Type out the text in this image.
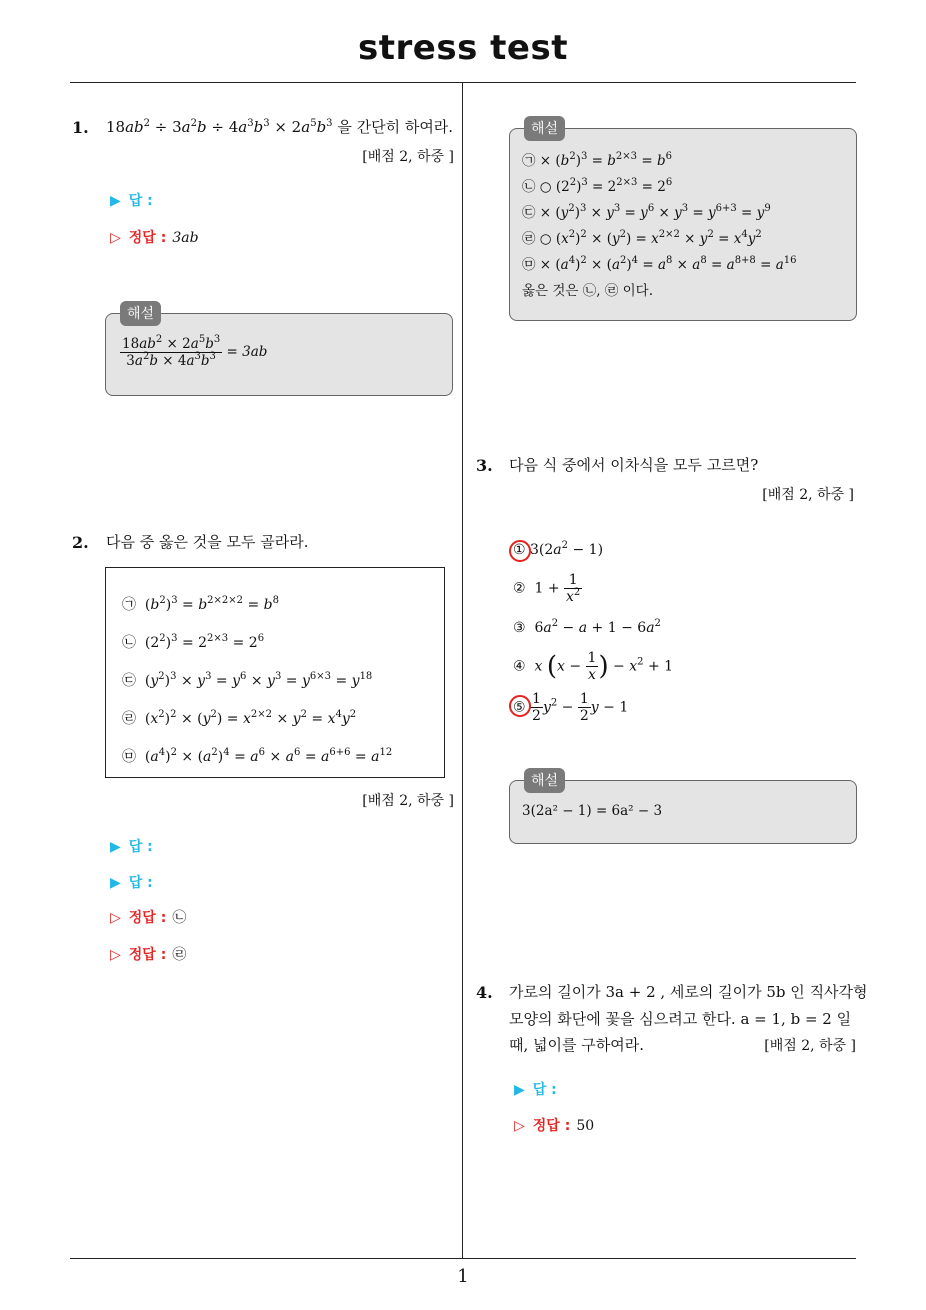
stress test
1
1. $18ab^2 \div 3a^2b \div 4a^3b^3 \times 2a^5b^3$ 을 간단히 하여라.
[배점 2, 하중 ]
▶ 답 :
▷ 정답 : 3ab
$\frac{18ab^2 \times 2a^5b^3}{3a^2b \times 4a^3b^3} = 3ab$
해설
2. 다음 중 옳은 것을 모두 골라라.
㉠  $(b^2)^3 = b^{2\times 2\times 2} = b^8$
㉡  $(2^2)^3 = 2^{2\times 3} = 2^6$
㉢  $(y^2)^3 \times y^3 = y^6 \times y^3 = y^{6\times 3} = y^{18}$
㉣  $(x^2)^2 \times (y^2) = x^{2\times 2} \times y^2 = x^4y^2$
㉤  $(a^4)^2 \times (a^2)^4 = a^6 \times a^6 = a^{6+6} = a^{12}$
[배점 2, 하중 ]
▶ 답 :
▶ 답 :
▷ 정답 : ㉡
▷ 정답 : ㉣
㉠ × $(b^2)^3 = b^{2\times 3} = b^6$
㉡ ○ $(2^2)^3 = 2^{2\times 3} = 2^6$
㉢ × $(y^2)^3 \times y^3 = y^6 \times y^3 = y^{6+3} = y^9$
㉣ ○ $(x^2)^2 \times (y^2) = x^{2\times 2} \times y^2 = x^4y^2$
㉤ × $(a^4)^2 \times (a^2)^4 = a^8 \times a^8 = a^{8+8} = a^{16}$
옳은 것은 ㉡, ㉣ 이다.
해설
3. 다음 식 중에서 이차식을 모두 고르면?
[배점 2, 하중 ]
① $3(2a^2 - 1)$
②  $1 + \frac{1}{x^2}$
③  $6a^2 - a + 1 - 6a^2$
④ x ($x - \frac{1}{x}$ ) − $x^2 + 1$
⑤ $\frac{1}{2} y^2 - \frac{1}{2}$ y − 1
3(2a² − 1) = 6a² − 3
해설
4. 가로의 길이가 3a + 2 , 세로의 길이가 5b 인 직사각형
모양의 화단에 꽃을 심으려고 한다. a = 1, b = 2 일
때, 넓이를 구하여라.	[배점 2, 하중 ]
▶ 답 :
▷ 정답 : 50
